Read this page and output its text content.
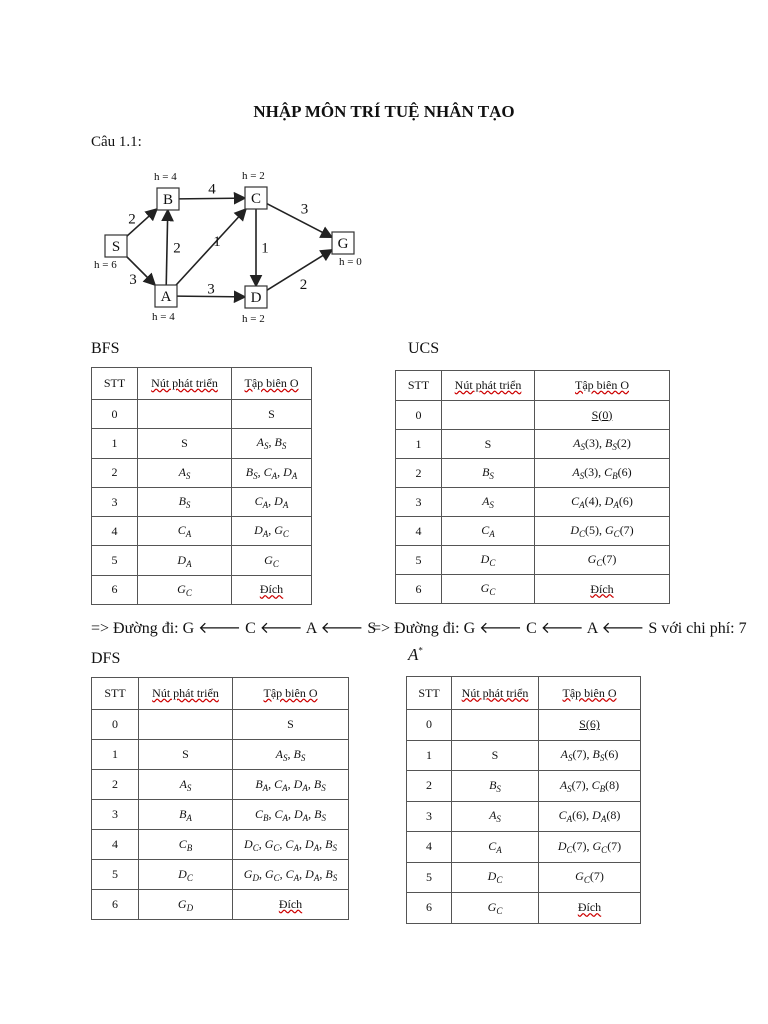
NHẬP MÔN TRÍ TUỆ NHÂN TẠO
Câu 1.1:
2
3
2
4
1	1
3
3
2
S
h = 6
B
h = 4
C
h = 2
A
h = 4
D
h = 2
G
h = 0
BFS	UCS
STT	Nút phát triển	Tập biên O
0		S
1	S	$A_S$, $B_S$
2	$A_S$	$B_S$, $C_A$, $D_A$
3	$B_S$	$C_A$, $D_A$
4	$C_A$	$D_A$, $G_C$
5	$D_A$	$G_C$
6	$G_C$	Đích
STT	Nút phát triển	Tập biên O
0		S(0)
1	S	$A_S(3)$, $B_S(2)$
2	$B_S$	$A_S(3)$, $C_B(6)$
3	$A_S$	$C_A(4)$, $D_A(6)$
4	$C_A$	$D_C(5)$, $G_C(7)$
5	$D_C$	$G_C(7)$
6	$G_C$	Đích
=> Đường đi: G 🡐 C 🡐 A 🡐 S
=> Đường đi: G 🡐 C 🡐 A 🡐 S với chi phí: 7
DFS	A*
STT	Nút phát triển	Tập biên O
0		S
1	S	$A_S$, $B_S$
2	$A_S$	$B_A$, $C_A$, $D_A$, $B_S$
3	$B_A$	$C_B$, $C_A$, $D_A$, $B_S$
4	$C_B$	$D_C$, $G_C$, $C_A$, $D_A$, $B_S$
5	$D_C$	$G_D$, $G_C$, $C_A$, $D_A$, $B_S$
6	$G_D$	Đích
STT	Nút phát triển	Tập biên O
0		S(6)
1	S	$A_S(7)$, $B_S(6)$
2	$B_S$	$A_S(7)$, $C_B(8)$
3	$A_S$	$C_A(6)$, $D_A(8)$
4	$C_A$	$D_C(7)$, $G_C(7)$
5	$D_C$	$G_C(7)$
6	$G_C$	Đích
